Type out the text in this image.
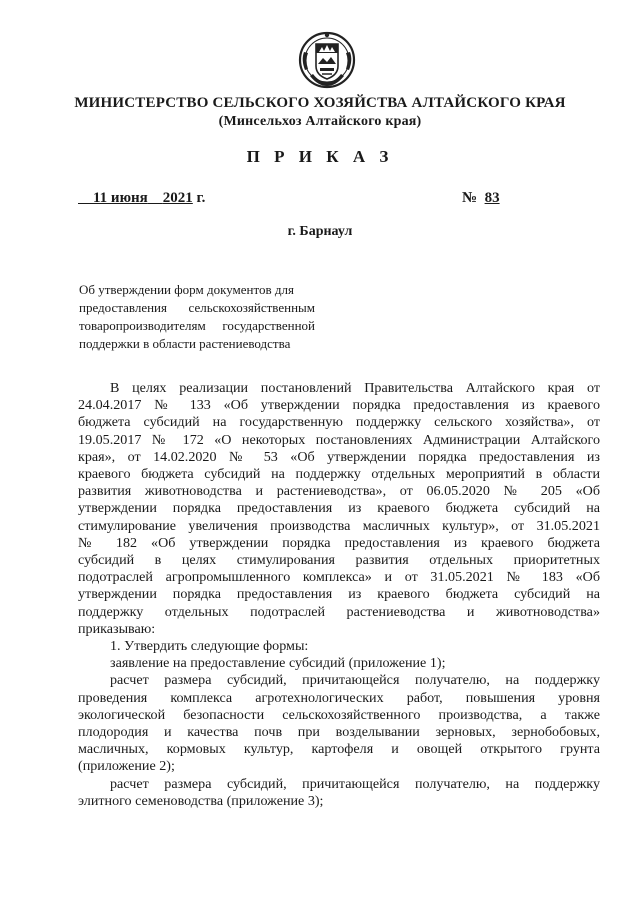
МИНИСТЕРСТВО СЕЛЬСКОГО ХОЗЯЙСТВА АЛТАЙСКОГО КРАЯ
(Минсельхоз Алтайского края)
П Р И К А З
11 июня 2021 г.	№ 83
г. Барнаул
Об утверждении форм документов для
предоставления сельскохозяйственным
товаропроизводителям государственной
поддержки в области растениеводства
В целях реализации постановлений Правительства Алтайского края от
24.04.2017 № 133 «Об утверждении порядка предоставления из краевого
бюджета субсидий на государственную поддержку сельского хозяйства», от
19.05.2017 № 172 «О некоторых постановлениях Администрации Алтайского
края», от 14.02.2020 № 53 «Об утверждении порядка предоставления из
краевого бюджета субсидий на поддержку отдельных мероприятий в области
развития животноводства и растениеводства», от 06.05.2020 № 205 «Об
утверждении порядка предоставления из краевого бюджета субсидий на
стимулирование увеличения производства масличных культур», от 31.05.2021
№ 182 «Об утверждении порядка предоставления из краевого бюджета
субсидий в целях стимулирования развития отдельных приоритетных
подотраслей агропромышленного комплекса» и от 31.05.2021 № 183 «Об
утверждении порядка предоставления из краевого бюджета субсидий на
поддержку отдельных подотраслей растениеводства и животноводства»
приказываю:
1. Утвердить следующие формы:
заявление на предоставление субсидий (приложение 1);
расчет размера субсидий, причитающейся получателю, на поддержку
проведения комплекса агротехнологических работ, повышения уровня
экологической безопасности сельскохозяйственного производства, а также
плодородия и качества почв при возделывании зерновых, зернобобовых,
масличных, кормовых культур, картофеля и овощей открытого грунта
(приложение 2);
расчет размера субсидий, причитающейся получателю, на поддержку
элитного семеноводства (приложение 3);
